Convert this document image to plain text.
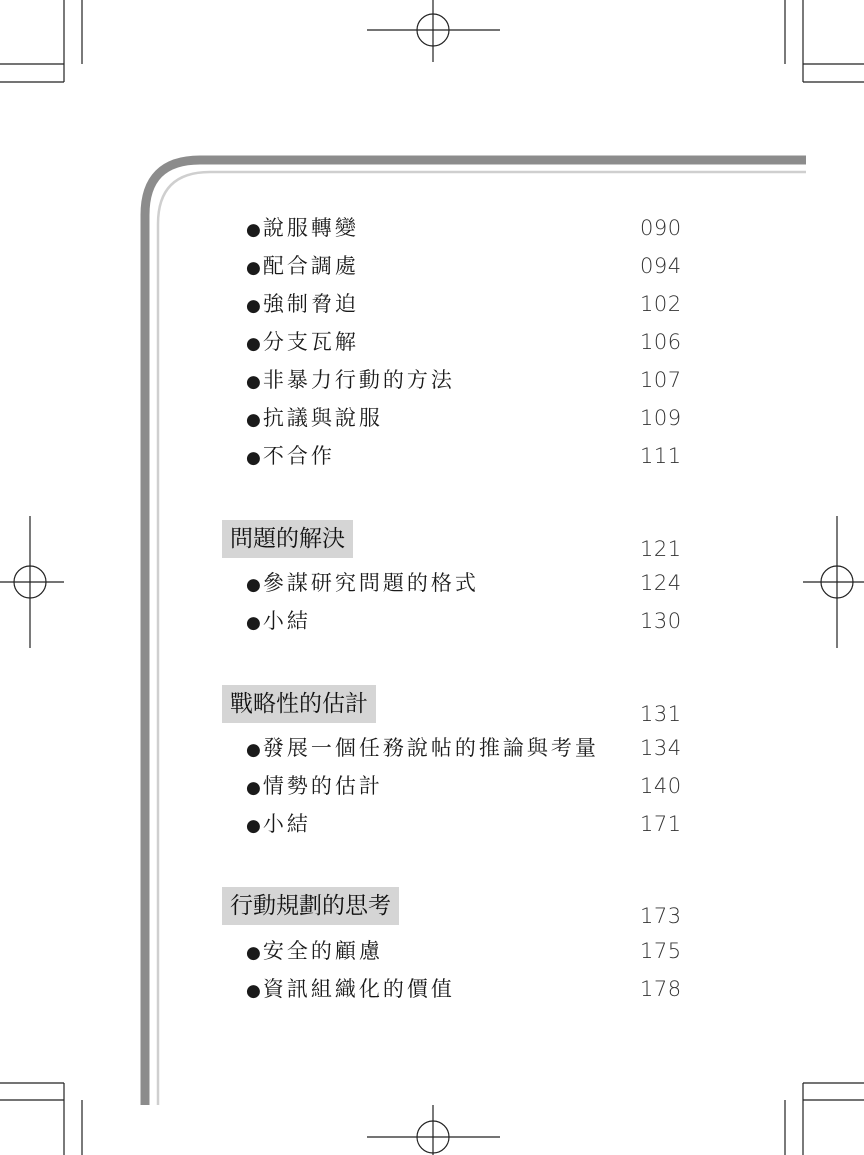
●說服轉變	090
●配合調處	094
●強制脅迫	102
●分支瓦解	106
●非暴力行動的方法	107
●抗議與說服	109
●不合作	111
問題的解決	121
●參謀研究問題的格式	124
●小結	130
戰略性的估計	131
●發展一個任務說帖的推論與考量 134
●情勢的估計	140
●小結	171
行動規劃的思考	173
●安全的顧慮	175
●資訊組織化的價值	178
